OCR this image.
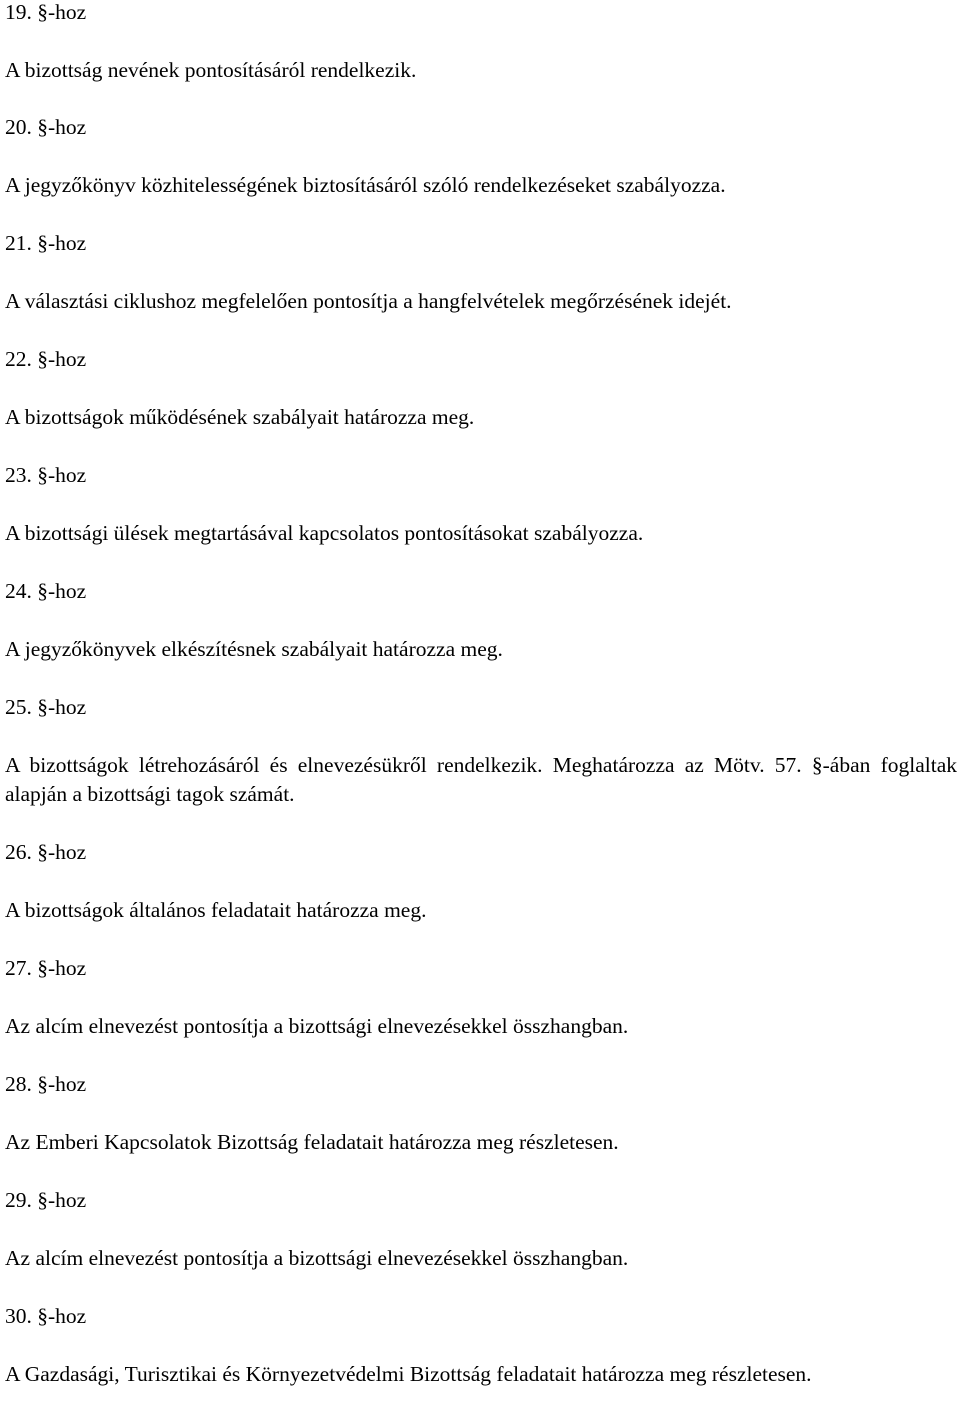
19. §-hoz

A bizottság nevének pontosításáról rendelkezik.

20. §-hoz

A jegyzőkönyv közhitelességének biztosításáról szóló rendelkezéseket szabályozza.

21. §-hoz

A választási ciklushoz megfelelően pontosítja a hangfelvételek megőrzésének idejét.

22. §-hoz

A bizottságok működésének szabályait határozza meg.

23. §-hoz

A bizottsági ülések megtartásával kapcsolatos pontosításokat szabályozza.

24. §-hoz

A jegyzőkönyvek elkészítésnek szabályait határozza meg.

25. §-hoz

A bizottságok létrehozásáról és elnevezésükről rendelkezik. Meghatározza az Mötv. 57. §-ában foglaltak alapján a bizottsági tagok számát.

26. §-hoz

A bizottságok általános feladatait határozza meg.

27. §-hoz

Az alcím elnevezést pontosítja a bizottsági elnevezésekkel összhangban.

28. §-hoz

Az Emberi Kapcsolatok Bizottság feladatait határozza meg részletesen.

29. §-hoz

Az alcím elnevezést pontosítja a bizottsági elnevezésekkel összhangban.

30. §-hoz

A Gazdasági, Turisztikai és Környezetvédelmi Bizottság feladatait határozza meg részletesen.
